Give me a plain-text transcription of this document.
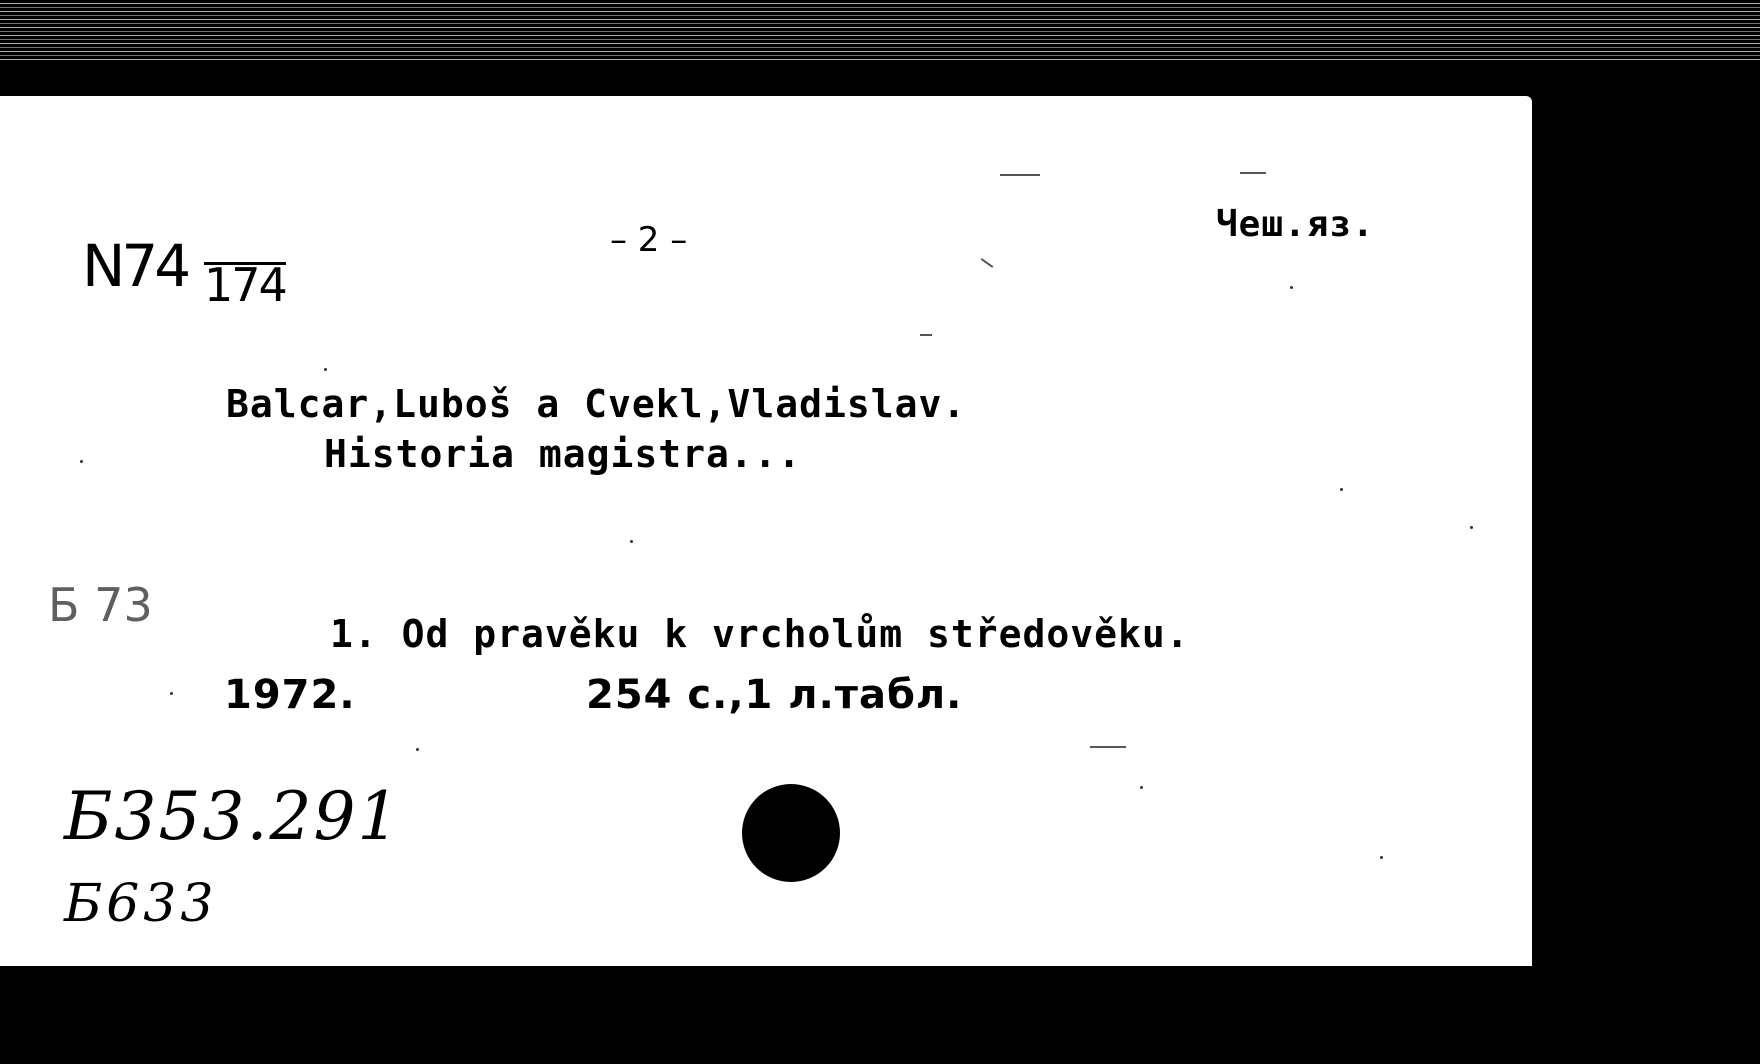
N74 174
– 2 –	Чеш.яз.
Balcar,Luboš a Cvekl,Vladislav.
Historia magistra...
Б 73
1. Od pravěku k vrcholům středověku.
1972.	254 с.,1 л.табл.
Б353.291
Б633
